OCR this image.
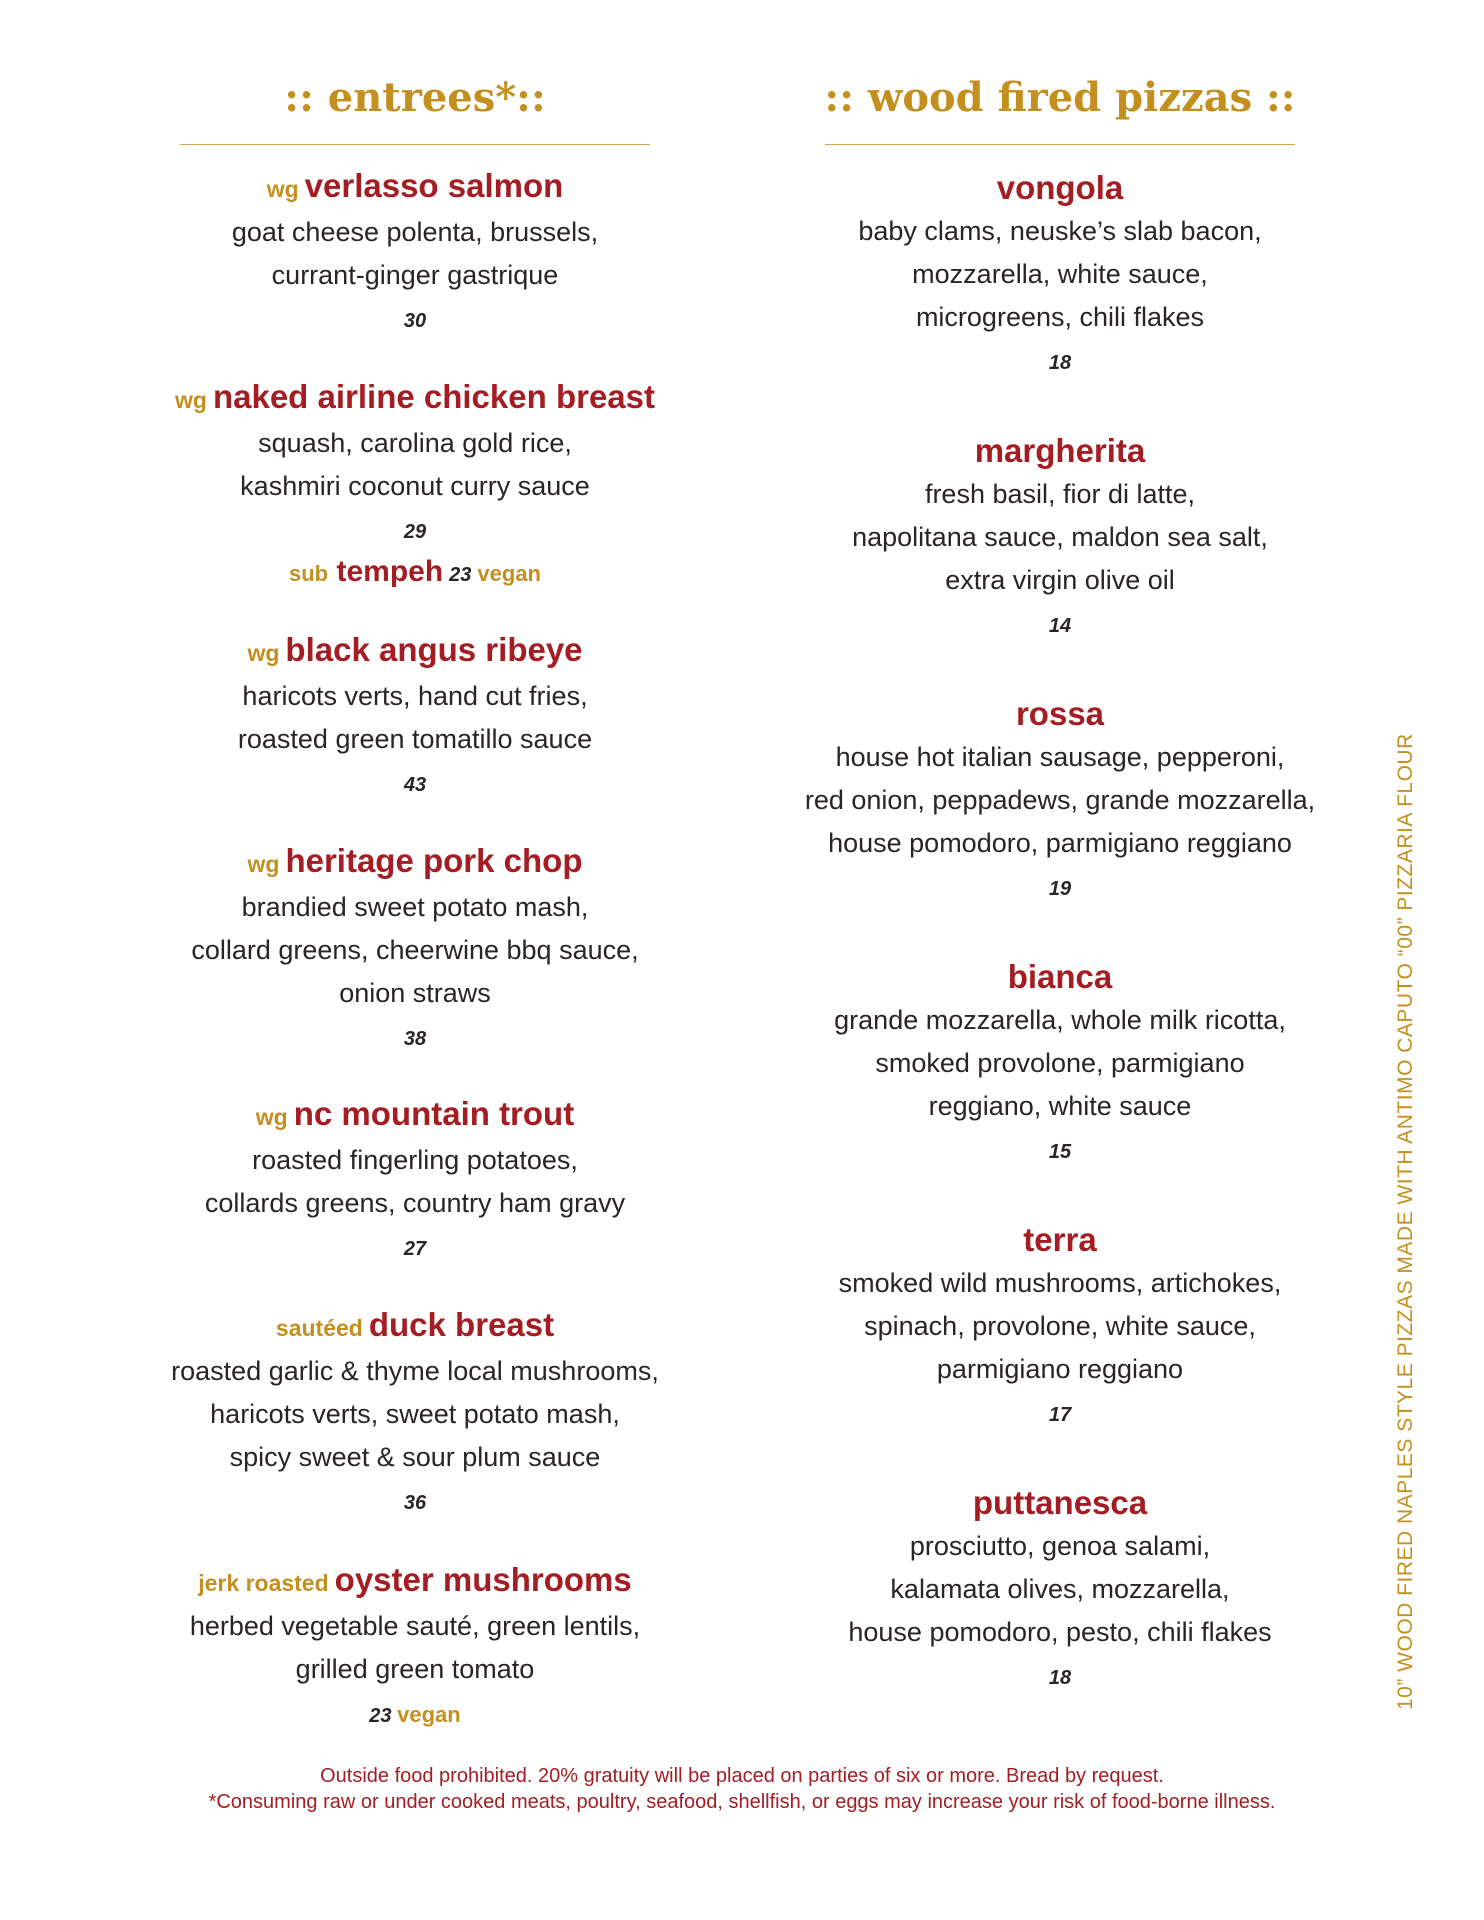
:: entrees*::
wg verlasso salmon
goat cheese polenta, brussels,
currant-ginger gastrique
30
wg naked airline chicken breast
squash, carolina gold rice,
kashmiri coconut curry sauce
29
sub tempeh 23 vegan
wg black angus ribeye
haricots verts, hand cut fries,
roasted green tomatillo sauce
43
wg heritage pork chop
brandied sweet potato mash,
collard greens, cheerwine bbq sauce,
onion straws
38
wg nc mountain trout
roasted fingerling potatoes,
collards greens, country ham gravy
27
sautéed duck breast
roasted garlic & thyme local mushrooms,
haricots verts, sweet potato mash,
spicy sweet & sour plum sauce
36
jerk roasted oyster mushrooms
herbed vegetable sauté, green lentils,
grilled green tomato
23 vegan
:: wood fired pizzas ::
vongola
baby clams, neuske’s slab bacon,
mozzarella, white sauce,
microgreens, chili flakes
18
margherita
fresh basil, fior di latte,
napolitana sauce, maldon sea salt,
extra virgin olive oil
14
rossa
house hot italian sausage, pepperoni,
red onion, peppadews, grande mozzarella,
house pomodoro, parmigiano reggiano
19
bianca
grande mozzarella, whole milk ricotta,
smoked provolone, parmigiano
reggiano, white sauce
15
terra
smoked wild mushrooms, artichokes,
spinach, provolone, white sauce,
parmigiano reggiano
17
puttanesca
prosciutto, genoa salami,
kalamata olives, mozzarella,
house pomodoro, pesto, chili flakes
18	10” WOOD FIRED NAPLES STYLE PIZZAS MADE WITH ANTIMO CAPUTO “00” PIZZARIA FLOUR
Outside food prohibited. 20% gratuity will be placed on parties of six or more. Bread by request.
*Consuming raw or under cooked meats, poultry, seafood, shellfish, or eggs may increase your risk of food-borne illness.
